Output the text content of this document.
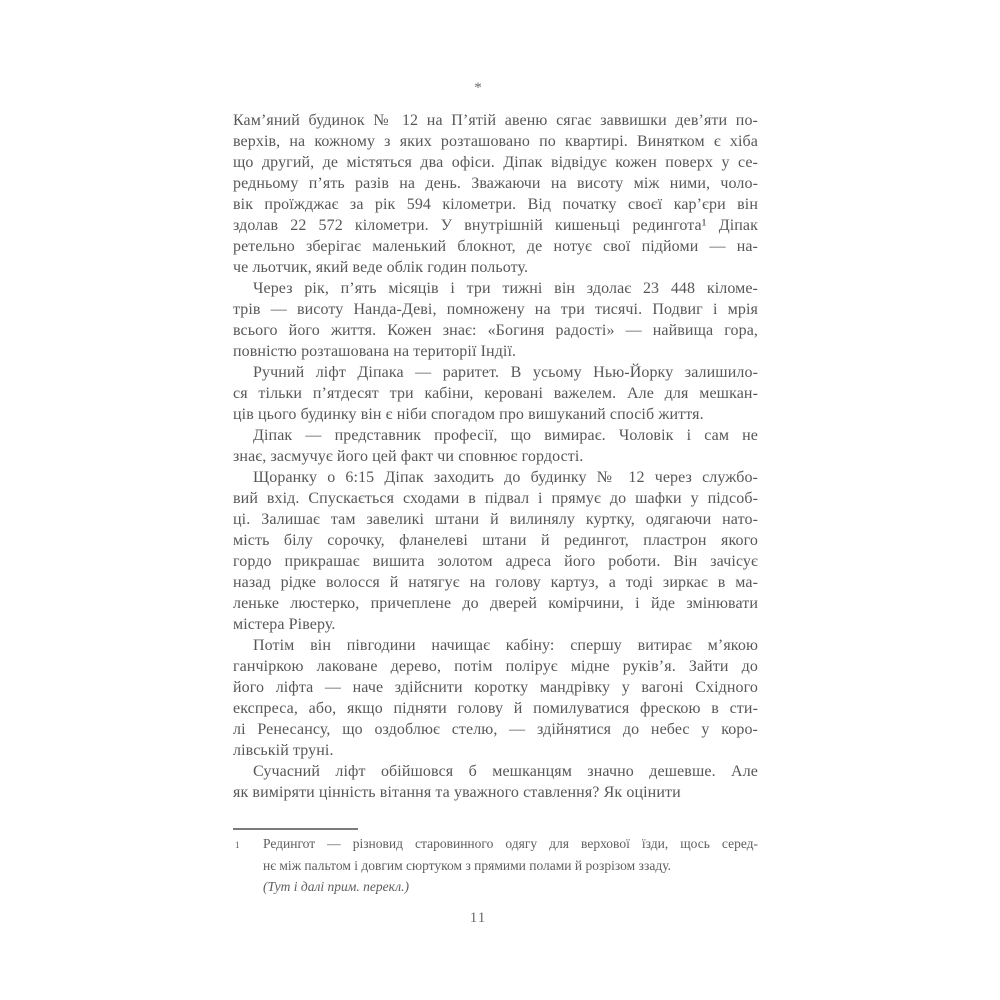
*
Кам’яний будинок № 12 на П’ятій авеню сягає заввишки дев’яти по-
верхів, на кожному з яких розташовано по квартирі. Винятком є хіба
що другий, де містяться два офіси. Діпак відвідує кожен поверх у се-
редньому п’ять разів на день. Зважаючи на висоту між ними, чоло-
вік проїжджає за рік 594 кілометри. Від початку своєї кар’єри він
здолав 22 572 кілометри. У внутрішній кишеньці редингота¹ Діпак
ретельно зберігає маленький блокнот, де нотує свої підйоми — на-
че льотчик, який веде облік годин польоту.
Через рік, п’ять місяців і три тижні він здолає 23 448 кіломе-
трів — висоту Нанда-Деві, помножену на три тисячі. Подвиг і мрія
всього його життя. Кожен знає: «Богиня радості» — найвища гора,
повністю розташована на території Індії.
Ручний ліфт Діпака — раритет. В усьому Нью-Йорку залишило-
ся тільки п’ятдесят три кабіни, керовані важелем. Але для мешкан-
ців цього будинку він є ніби спогадом про вишуканий спосіб життя.
Діпак — представник професії, що вимирає. Чоловік і сам не
знає, засмучує його цей факт чи сповнює гордості.
Щоранку о 6:15 Діпак заходить до будинку № 12 через службо-
вий вхід. Спускається сходами в підвал і прямує до шафки у підсоб-
ці. Залишає там завеликі штани й вилинялу куртку, одягаючи нато-
мість білу сорочку, фланелеві штани й редингот, пластрон якого
гордо прикрашає вишита золотом адреса його роботи. Він зачісує
назад рідке волосся й натягує на голову картуз, а тоді зиркає в ма-
леньке люстерко, причеплене до дверей комірчини, і йде змінювати
містера Ріверу.
Потім він півгодини начищає кабіну: спершу витирає м’якою
ганчіркою лаковане дерево, потім полірує мідне руків’я. Зайти до
його ліфта — наче здійснити коротку мандрівку у вагоні Східного
експреса, або, якщо підняти голову й помилуватися фрескою в сти-
лі Ренесансу, що оздоблює стелю, — здійнятися до небес у коро-
лівській труні.
Сучасний ліфт обійшовся б мешканцям значно дешевше. Але
як виміряти цінність вітання та уважного ставлення? Як оцінити
1 Редингот — різновид старовинного одягу для верхової їзди, щось серед-
нє між пальтом і довгим сюртуком з прямими полами й розрізом ззаду.
(Тут і далі прим. перекл.)
11
